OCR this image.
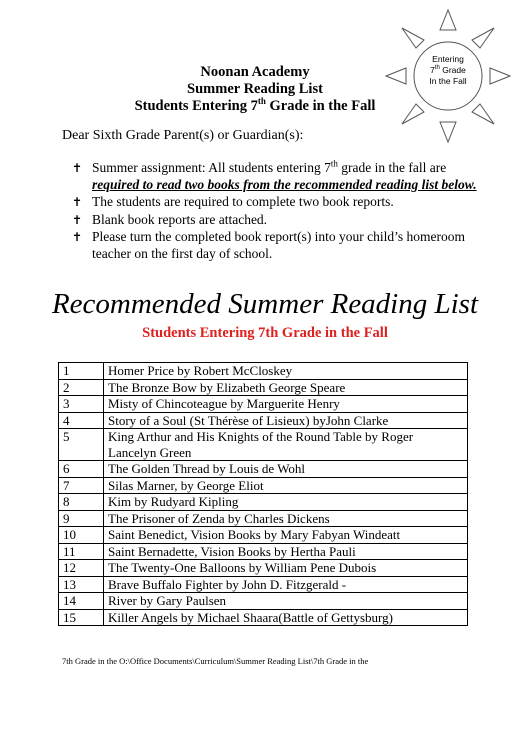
Noonan Academy
Summer Reading List
Students Entering 7th Grade in the Fall
Entering
7th Grade
In the Fall
Dear Sixth Grade Parent(s) or Guardian(s):
✝ Summer assignment: All students entering 7th grade in the fall are required to read two books from the recommended reading list below.
✝ The students are required to complete two book reports.
✝ Blank book reports are attached.
✝ Please turn the completed book report(s) into your child’s homeroom teacher on the first day of school.
Recommended Summer Reading List
Students Entering 7th Grade in the Fall
1	Homer Price by Robert McCloskey
2	The Bronze Bow by Elizabeth George Speare
3	Misty of Chincoteague by Marguerite Henry
4	Story of a Soul (St Thérèse of Lisieux) byJohn Clarke
5	King Arthur and His Knights of the Round Table by Roger Lancelyn Green
6	The Golden Thread by Louis de Wohl
7	Silas Marner, by George Eliot
8	Kim by Rudyard Kipling
9	The Prisoner of Zenda by Charles Dickens
10	Saint Benedict, Vision Books by Mary Fabyan Windeatt
11	Saint Bernadette, Vision Books by Hertha Pauli
12	The Twenty-One Balloons by William Pene Dubois
13	Brave Buffalo Fighter by John D. Fitzgerald -
14	River by Gary Paulsen
15	Killer Angels by Michael Shaara(Battle of Gettysburg)
7th Grade in the O:\Office Documents\Curriculum\Summer Reading List\7th Grade in the
